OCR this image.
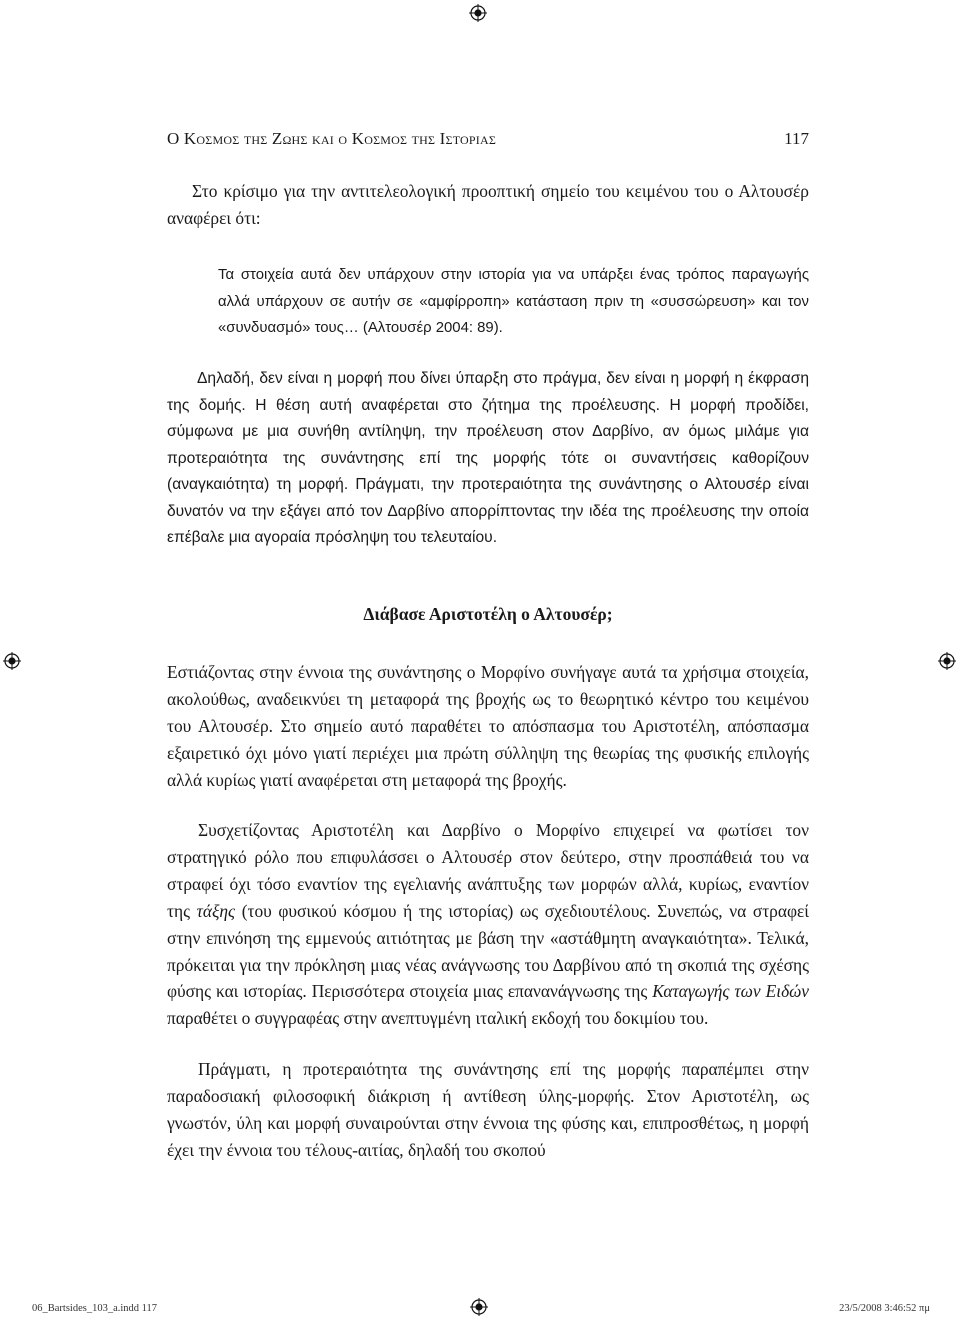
Ο Κοσμος της Ζωης και ο Κοσμος της Ιστοριας	117

Στο κρίσιμο για την αντιτελεολογική προοπτική σημείο του κειμένου του ο Αλτουσέρ αναφέρει ότι:

Τα στοιχεία αυτά δεν υπάρχουν στην ιστορία για να υπάρξει ένας τρόπος παραγωγής αλλά υπάρχουν σε αυτήν σε «αμφίρροπη» κατάσταση πριν τη «συσσώρευση» και τον «συνδυασμό» τους… (Αλτουσέρ 2004: 89).

Δηλαδή, δεν είναι η μορφή που δίνει ύπαρξη στο πράγμα, δεν είναι η μορφή η έκφραση της δομής. Η θέση αυτή αναφέρεται στο ζήτημα της προέλευσης. Η μορφή προδίδει, σύμφωνα με μια συνήθη αντίληψη, την προέλευση στον Δαρβίνο, αν όμως μιλάμε για προτεραιότητα της συνάντησης επί της μορφής τότε οι συναντήσεις καθορίζουν (αναγκαιότητα) τη μορφή. Πράγματι, την προτεραιότητα της συνάντησης ο Αλτουσέρ είναι δυνατόν να την εξάγει από τον Δαρβίνο απορρίπτοντας την ιδέα της προέλευσης την οποία επέβαλε μια αγοραία πρόσληψη του τελευταίου.

Διάβασε Αριστοτέλη ο Αλτουσέρ;

Εστιάζοντας στην έννοια της συνάντησης ο Μορφίνο συνήγαγε αυτά τα χρήσιμα στοιχεία, ακολούθως, αναδεικνύει τη μεταφορά της βροχής ως το θεωρητικό κέντρο του κειμένου του Αλτουσέρ. Στο σημείο αυτό παραθέτει το απόσπασμα του Αριστοτέλη, απόσπασμα εξαιρετικό όχι μόνο γιατί περιέχει μια πρώτη σύλληψη της θεωρίας της φυσικής επιλογής αλλά κυρίως γιατί αναφέρεται στη μεταφορά της βροχής.

Συσχετίζοντας Αριστοτέλη και Δαρβίνο ο Μορφίνο επιχειρεί να φωτίσει τον στρατηγικό ρόλο που επιφυλάσσει ο Αλτουσέρ στον δεύτερο, στην προσπάθειά του να στραφεί όχι τόσο εναντίον της εγελιανής ανάπτυξης των μορφών αλλά, κυρίως, εναντίον της τάξης (του φυσικού κόσμου ή της ιστορίας) ως σχεδιουτέλους. Συνεπώς, να στραφεί στην επινόηση της εμμενούς αιτιότητας με βάση την «αστάθμητη αναγκαιότητα». Τελικά, πρόκειται για την πρόκληση μιας νέας ανάγνωσης του Δαρβίνου από τη σκοπιά της σχέσης φύσης και ιστορίας. Περισσότερα στοιχεία μιας επανανάγνωσης της Καταγωγής των Ειδών παραθέτει ο συγγραφέας στην ανεπτυγμένη ιταλική εκδοχή του δοκιμίου του.

Πράγματι, η προτεραιότητα της συνάντησης επί της μορφής παραπέμπει στην παραδοσιακή φιλοσοφική διάκριση ή αντίθεση ύλης-μορφής. Στον Αριστοτέλη, ως γνωστόν, ύλη και μορφή συναιρούνται στην έννοια της φύσης και, επιπροσθέτως, η μορφή έχει την έννοια του τέλους-αιτίας, δηλαδή του σκοπού

06_Bartsides_103_a.indd 117	23/5/2008 3:46:52 πμ
